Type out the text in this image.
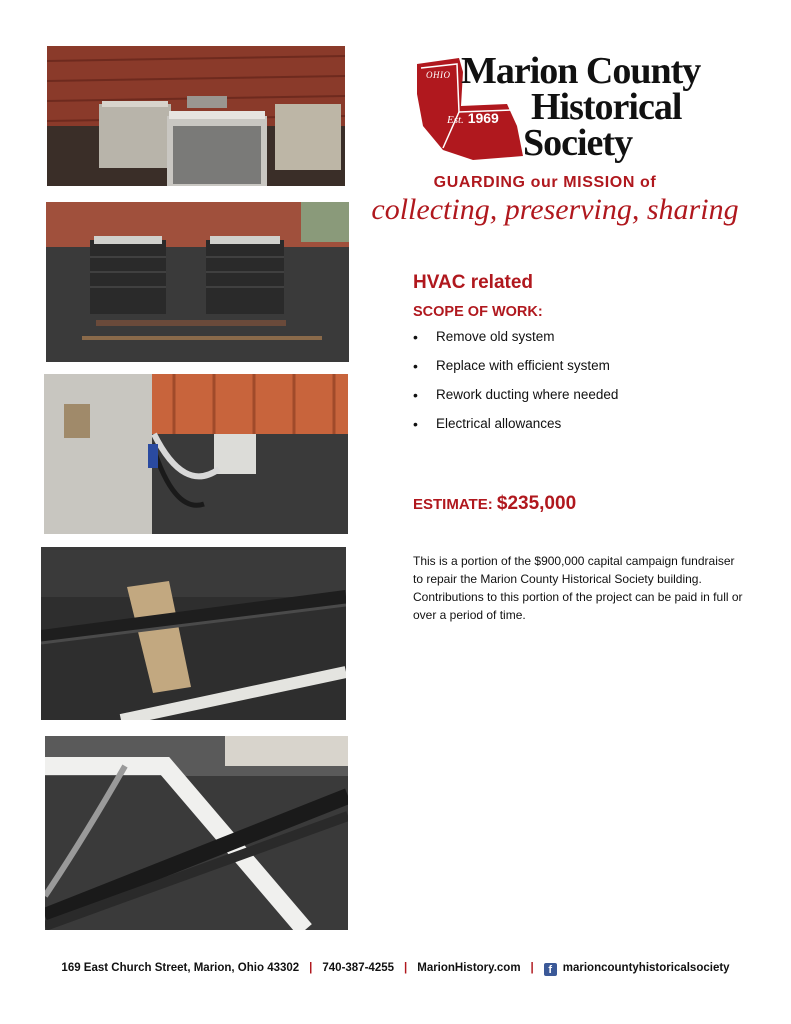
OHIO
Est. 1969
Marion County
Historical
Society
GUARDING our MISSION of
collecting, preserving, sharing
HVAC related
SCOPE OF WORK:
• Remove old system
• Replace with efficient system
• Rework ducting where needed
• Electrical allowances
ESTIMATE: $235,000

This is a portion of the $900,000 capital campaign fundraiser to repair the Marion County Historical Society building.

Contributions to this portion of the project can be paid in full or over a period of time.

169 East Church Street, Marion, Ohio 43302 | 740-387-4255 | MarionHistory.com | f marioncountyhistoricalsociety
